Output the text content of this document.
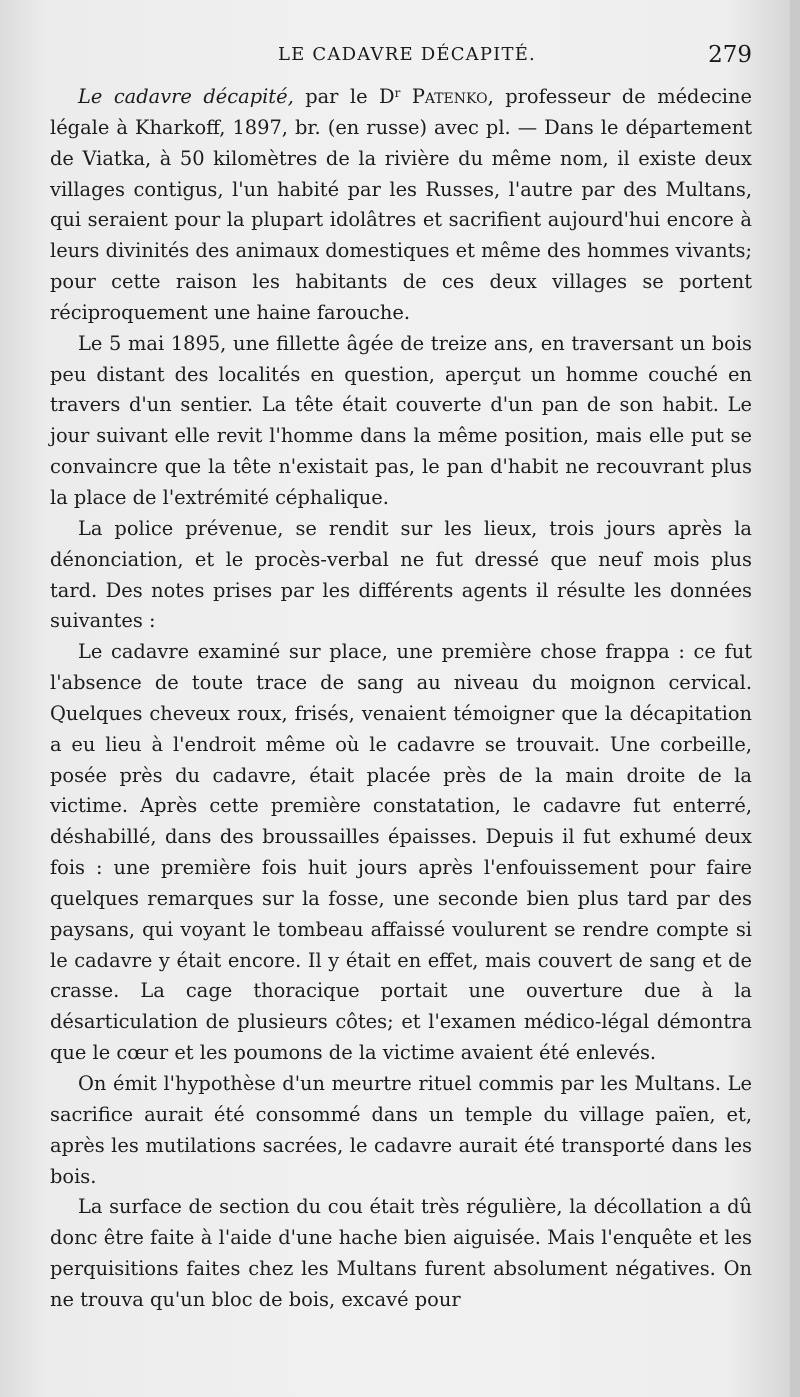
LE CADAVRE DÉCAPITÉ.	279

Le cadavre décapité, par le $D^r$ Patenko, professeur de médecine légale à Kharkoff, 1897, br. (en russe) avec pl. — Dans le département de Viatka, à 50 kilomètres de la rivière du même nom, il existe deux villages contigus, l'un habité par les Russes, l'autre par des Multans, qui seraient pour la plupart idolâtres et sacrifient aujourd'hui encore à leurs divinités des animaux domestiques et même des hommes vivants; pour cette raison les habitants de ces deux villages se portent réciproquement une haine farouche.

Le 5 mai 1895, une fillette âgée de treize ans, en traversant un bois peu distant des localités en question, aperçut un homme couché en travers d'un sentier. La tête était couverte d'un pan de son habit. Le jour suivant elle revit l'homme dans la même position, mais elle put se convaincre que la tête n'existait pas, le pan d'habit ne recouvrant plus la place de l'extrémité céphalique.

La police prévenue, se rendit sur les lieux, trois jours après la dénonciation, et le procès-verbal ne fut dressé que neuf mois plus tard. Des notes prises par les différents agents il résulte les données suivantes :

Le cadavre examiné sur place, une première chose frappa : ce fut l'absence de toute trace de sang au niveau du moignon cervical. Quelques cheveux roux, frisés, venaient témoigner que la décapitation a eu lieu à l'endroit même où le cadavre se trouvait. Une corbeille, posée près du cadavre, était placée près de la main droite de la victime. Après cette première constatation, le cadavre fut enterré, déshabillé, dans des broussailles épaisses. Depuis il fut exhumé deux fois : une première fois huit jours après l'enfouissement pour faire quelques remarques sur la fosse, une seconde bien plus tard par des paysans, qui voyant le tombeau affaissé voulurent se rendre compte si le cadavre y était encore. Il y était en effet, mais couvert de sang et de crasse. La cage thoracique portait une ouverture due à la désarticulation de plusieurs côtes; et l'examen médico-légal démontra que le cœur et les poumons de la victime avaient été enlevés.

On émit l'hypothèse d'un meurtre rituel commis par les Multans. Le sacrifice aurait été consommé dans un temple du village païen, et, après les mutilations sacrées, le cadavre aurait été transporté dans les bois.

La surface de section du cou était très régulière, la décollation a dû donc être faite à l'aide d'une hache bien aiguisée. Mais l'enquête et les perquisitions faites chez les Multans furent absolument négatives. On ne trouva qu'un bloc de bois, excavé pour
